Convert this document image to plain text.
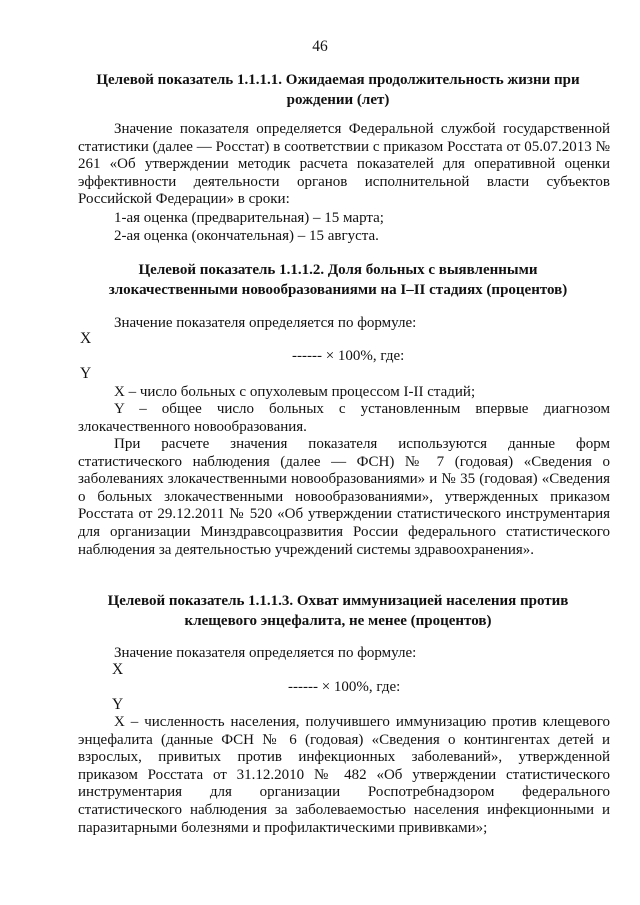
46
Целевой показатель 1.1.1.1. Ожидаемая продолжительность жизни при рождении (лет)
Значение показателя определяется Федеральной службой государственной статистики (далее — Росстат) в соответствии с приказом Росстата от 05.07.2013 № 261 «Об утверждении методик расчета показателей для оперативной оценки эффективности деятельности органов исполнительной власти субъектов Российской Федерации» в сроки:
1-ая оценка (предварительная) – 15 марта;
2-ая оценка (окончательная) – 15 августа.
Целевой показатель 1.1.1.2. Доля больных с выявленными злокачественными новообразованиями на I–II стадиях (процентов)
Значение показателя определяется по формуле:
X
------ × 100%, где:
Y
X – число больных с опухолевым процессом I-II стадий;
Y – общее число больных с установленным впервые диагнозом злокачественного новообразования.
При расчете значения показателя используются данные форм статистического наблюдения (далее — ФСН) № 7 (годовая) «Сведения о заболеваниях злокачественными новообразованиями» и № 35 (годовая) «Сведения о больных злокачественными новообразованиями», утвержденных приказом Росстата от 29.12.2011 № 520 «Об утверждении статистического инструментария для организации Минздравсоцразвития России федерального статистического наблюдения за деятельностью учреждений системы здравоохранения».
Целевой показатель 1.1.1.3. Охват иммунизацией населения против клещевого энцефалита, не менее (процентов)
Значение показателя определяется по формуле:
X
------ × 100%, где:
Y
X – численность населения, получившего иммунизацию против клещевого энцефалита (данные ФСН № 6 (годовая) «Сведения о контингентах детей и взрослых, привитых против инфекционных заболеваний», утвержденной приказом Росстата от 31.12.2010 № 482 «Об утверждении статистического инструментария для организации Роспотребнадзором федерального статистического наблюдения за заболеваемостью населения инфекционными и паразитарными болезнями и профилактическими прививками»;
